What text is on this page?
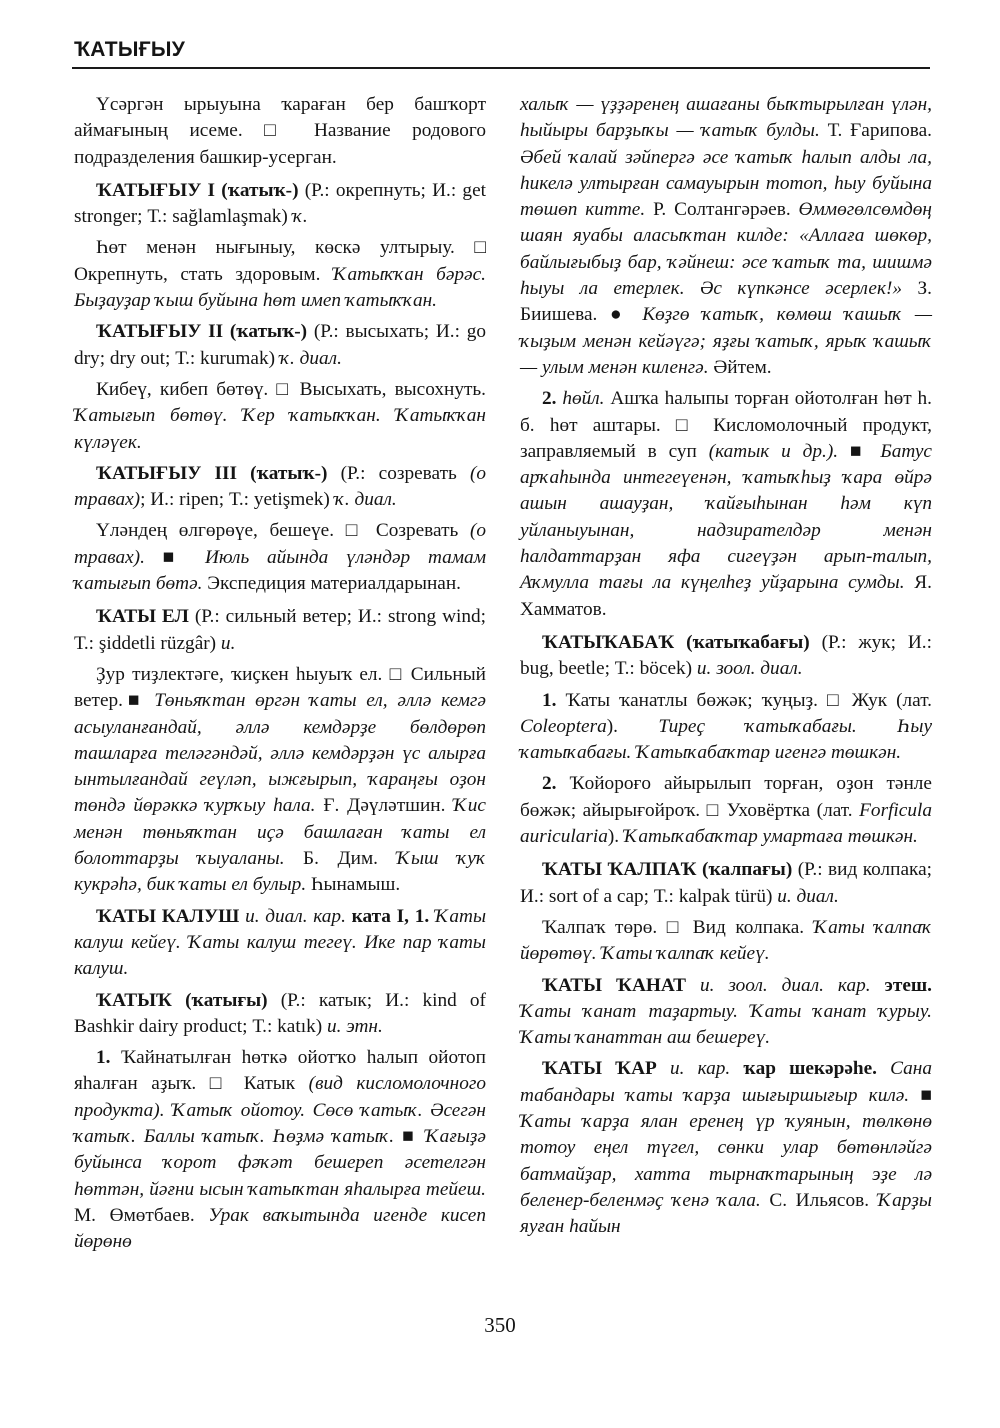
ҠАТЫҒЫУ

Үсәргән ырыуына ҡараған бер башҡорт аймағының исеме. □ Название родового подразделения башкир-усерган.

ҠАТЫҒЫУ I (ҡатыҡ-) (Р.: окрепнуть; И.: get stronger; Т.: sağlamlaşmak) ҡ.

Һөт менән нығыныу, көскә ултырыу. □ Окрепнуть, стать здоровым. Ҡатыҡҡан бәрәс. Быҙауҙар ҡыш буйына һөт имеп ҡатыҡҡан.

ҠАТЫҒЫУ II (ҡатыҡ-) (Р.: высыхать; И.: go dry; dry out; Т.: kurumak) ҡ. диал.

Кибеү, кибеп бөтөү. □ Высыхать, высохнуть. Ҡатығып бөтөү. Ҡер ҡатыҡҡан. Ҡатыҡҡан күләүек.

ҠАТЫҒЫУ III (ҡатыҡ-) (Р.: созревать (о травах); И.: ripen; Т.: yetişmek) ҡ. диал.

Үләндең өлгөрөүе, бешеүе. □ Созревать (о травах). ■ Июль айында үләндәр тамам ҡатығып бөтә. Экспедиция материалдарынан.

ҠАТЫ ЕЛ (Р.: сильный ветер; И.: strong wind; Т.: şiddetli rüzgâr) и.

Ҙур тиҙлектәге, ҡиҫкен һыуыҡ ел. □ Сильный ветер.■ Төньяҡтан өргән ҡаты ел, әллә кемгә асыуланғандай, әллә кемдәрҙе бөлдөрөп ташларға теләгәндәй, әллә кемдәрҙән үс алырға ынтылғандай геүләп, ыжғырып, ҡараңғы оҙон төндә йөрәккә ҡурҡыу һала. Ғ. Дәүләтшин. Ҡис менән төньяҡтан иҫә башлаған ҡаты ел болоттарҙы ҡыуаланы. Б. Дим. Ҡыш ҡуҡ кукрәһә, бик ҡаты ел булыр. Һынамыш.

ҠАТЫ КАЛУШ и. диал. кар. ката I, 1. Ҡаты калуш кейеү. Ҡаты калуш тегеү. Ике пар ҡаты калуш.

ҠАТЫҠ (ҡатығы) (Р.: катык; И.: kind of Bashkir dairy product; Т.: katık) и. этн.

1. Ҡайнатылған һөткә ойотҡо һалып ойотоп яһалған аҙыҡ. □ Катык (вид кисломолочного продукта). Ҡатыҡ ойотоу. Сөсө ҡатыҡ. Әсегән ҡатыҡ. Баллы ҡатыҡ. Һөҙмә ҡатыҡ. ■ Ҡағыҙә буйынса ҡорот фәҡәт бешереп әсетелгән һөттән, йәғни ысын ҡатыҡтан яһалырға тейеш. М. Өмөтбаев. Урак ваҡытында игенде кисеп йөрөнө

халыҡ — үҙҙәренең ашағаны быҡтырылған үлән, һыйыры барҙыҡы — ҡатыҡ булды. Т. Ғарипова. Әбей ҡалай зәйпергә әсе ҡатыҡ һалып алды ла, һикелә ултырған самауырын тотоп, һыу буйына төшөп китте. Р. Солтангәрәев. Өммөгөлсөмдөң шаян яуабы аласыҡтан килде: «Аллаға шөкөр, байлығыбыҙ бар, ҡәйнеш: әсе ҡатыҡ та, шишмә һыуы ла етерлек. Әс күпкәнсе әсерлек!» З. Биишева. ● Көҙгө ҡатыҡ, көмөш ҡашыҡ — ҡыҙым менән кейәүгә; яҙғы ҡатыҡ, ярыҡ ҡашыҡ — улым менән киленгә. Әйтем.

2. һөйл. Ашҡа һалыпы торған ойотолған һөт һ. б. һөт аштары. □ Кисломолочный продукт, заправляемый в суп (катык и др.). ■ Батус арҡаһында интегеүенән, ҡатыҡһыҙ ҡара өйрә ашын ашауҙан, ҡайғыһынан һәм күп уйланыуынан, надзирателдәр менән һалдаттарҙан яфа сигеүҙән арып-талып, Аҡмулла тағы ла күңелһеҙ уйҙарына сумды. Я. Хамматов.

ҠАТЫҠАБАҠ (ҡатыҡабағы) (Р.: жук; И.: bug, beetle; Т.: böcek) и. зоол. диал.

1. Ҡаты ҡанатлы бөжәк; ҡуңыҙ. □ Жук (лат. Coleoptera). Тиреҫ ҡатыҡабағы. Һыу ҡатыҡабағы. Ҡатыҡабаҡтар игенгә төшкән.

2. Ҡойороғо айырылып торған, оҙон тәнле бөжәк; айырығойроҡ. □ Уховёртка (лат. Forficula auricularia). Ҡатыҡабаҡтар умартаға төшкән.

ҠАТЫ ҠАЛПАҠ (ҡалпағы) (Р.: вид колпака; И.: sort of a cap; Т.: kalpak türü) и. диал.

Ҡалпаҡ төрө. □ Вид колпака. Ҡаты ҡалпаҡ йөрөтөү. Ҡаты ҡалпаҡ кейеү.

ҠАТЫ ҠАНАТ и. зоол. диал. кар. этеш. Ҡаты ҡанат таҙартыу. Ҡаты ҡанат ҡурыу. Ҡаты ҡанаттан аш бешереү.

ҠАТЫ ҠАР и. кар. ҡар шекәрәһе. Сана табандары ҡаты ҡарҙа шығыршығыр килә. ■ Ҡаты ҡарҙа ялан еренең үр ҡуянын, төлкөнө тотоу еңел түгел, сөнки улар бөтөнләйгә батмайҙар, хатта тырнаҡтарының эҙе лә беленер-беленмәҫ ҡенә ҡала. С. Ильясов. Ҡарҙы яуған һайын

350
